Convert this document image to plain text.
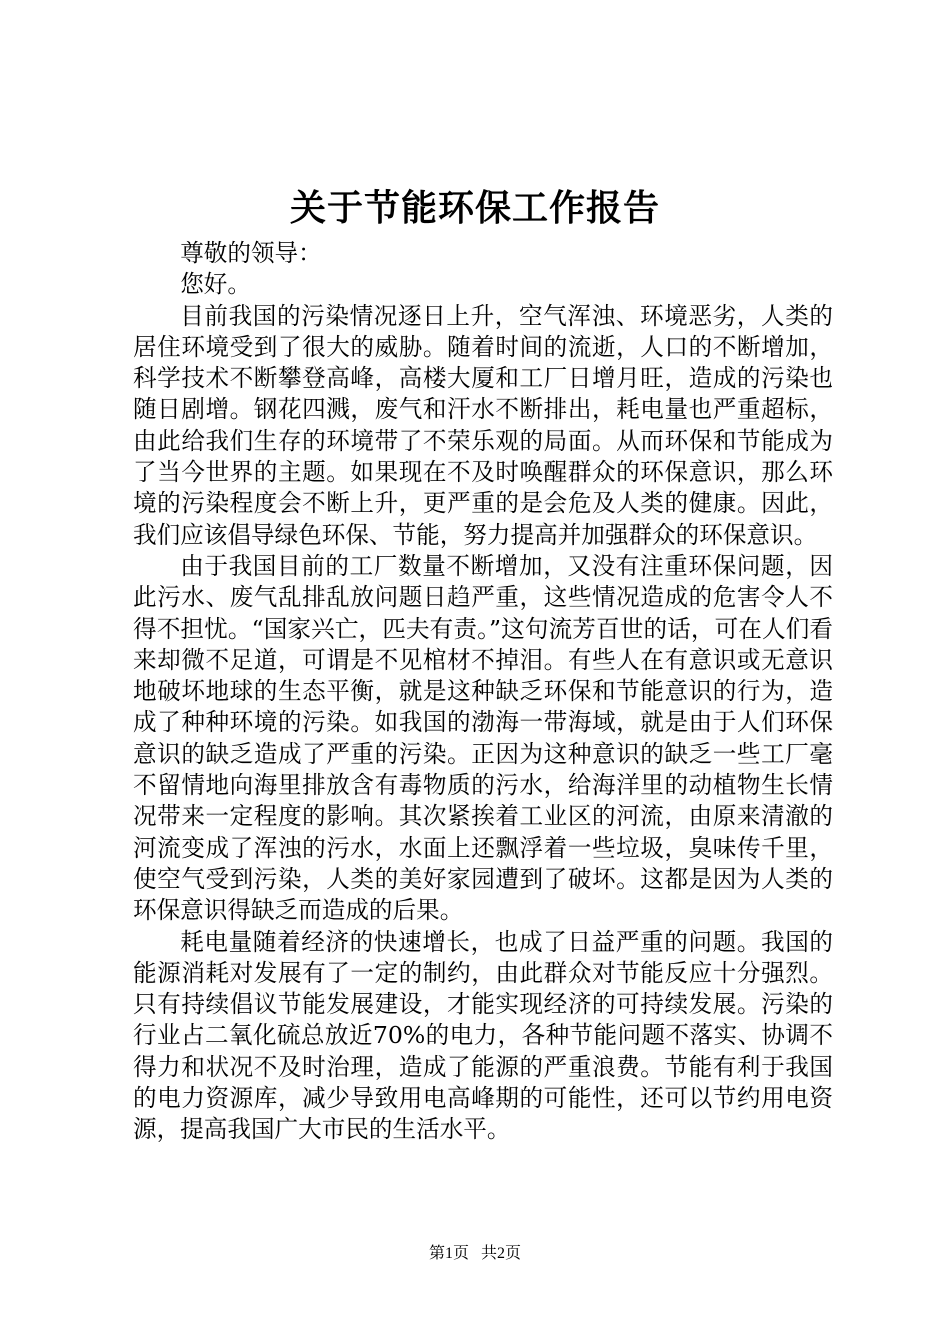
关于节能环保工作报告

尊敬的领导：

您好。

目前我国的污染情况逐日上升，空气浑浊、环境恶劣，人类的居住环境受到了很大的威胁。随着时间的流逝，人口的不断增加，科学技术不断攀登高峰，高楼大厦和工厂日增月旺，造成的污染也随日剧增。钢花四溅，废气和汗水不断排出，耗电量也严重超标，由此给我们生存的环境带了不荣乐观的局面。从而环保和节能成为了当今世界的主题。如果现在不及时唤醒群众的环保意识，那么环境的污染程度会不断上升，更严重的是会危及人类的健康。因此，我们应该倡导绿色环保、节能，努力提高并加强群众的环保意识。

由于我国目前的工厂数量不断增加，又没有注重环保问题，因此污水、废气乱排乱放问题日趋严重，这些情况造成的危害令人不得不担忧。“国家兴亡，匹夫有责。”这句流芳百世的话，可在人们看来却微不足道，可谓是不见棺材不掉泪。有些人在有意识或无意识地破坏地球的生态平衡，就是这种缺乏环保和节能意识的行为，造成了种种环境的污染。如我国的渤海一带海域，就是由于人们环保意识的缺乏造成了严重的污染。正因为这种意识的缺乏一些工厂毫不留情地向海里排放含有毒物质的污水，给海洋里的动植物生长情况带来一定程度的影响。其次紧挨着工业区的河流，由原来清澈的河流变成了浑浊的污水，水面上还飘浮着一些垃圾，臭味传千里，使空气受到污染，人类的美好家园遭到了破坏。这都是因为人类的环保意识得缺乏而造成的后果。

耗电量随着经济的快速增长，也成了日益严重的问题。我国的能源消耗对发展有了一定的制约，由此群众对节能反应十分强烈。只有持续倡议节能发展建设，才能实现经济的可持续发展。污染的行业占二氧化硫总放近70%的电力，各种节能问题不落实、协调不得力和状况不及时治理，造成了能源的严重浪费。节能有利于我国的电力资源库，减少导致用电高峰期的可能性，还可以节约用电资源，提高我国广大市民的生活水平。

第1页 共2页
